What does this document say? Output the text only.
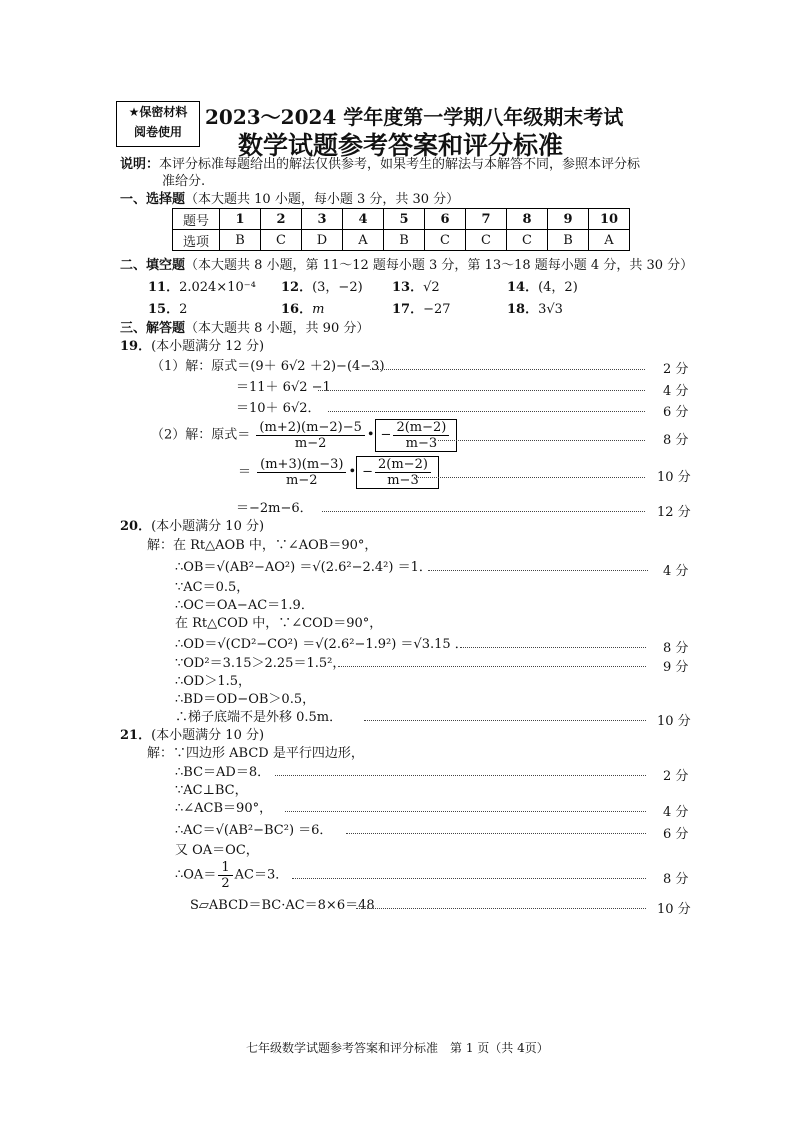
★保密材料
阅卷使用
2023～2024 学年度第一学期八年级期末考试
数学试题参考答案和评分标准
说明：本评分标准每题给出的解法仅供参考，如果考生的解法与本解答不同，参照本评分标
准给分.
一、选择题（本大题共 10 小题，每小题 3 分，共 30 分）
题号	1	2	3	4	5	6	7	8	9	10
选项	B	C	D	A	B	C	C	C	B	A
二、填空题（本大题共 8 小题，第 11～12 题每小题 3 分，第 13～18 题每小题 4 分，共 30 分）
11．2.024×10⁻⁴ 12．(3，−2) 13．√2	14．(4，2)
15．2	16．m	17．−27	18．3√3
三、解答题（本大题共 8 小题，共 90 分）
19．(本小题满分 12 分)
（1）解：原式＝(9＋ 6√2 ＋2)−(4−3)	2 分
＝11＋ 6√2 −1	4 分
＝10＋ 6√2．	6 分
（2）解：原式＝ $\frac{(m+2)(m-2)-5}{m-2}$ • − $\frac{2(m-2)}{m-3}$	8 分
＝ $\frac{(m+3)(m-3)}{m-2}$ • − $\frac{2(m-2)}{m-3}$	10 分
＝−2m−6．	12 分
20．(本小题满分 10 分)
解：在 Rt△AOB 中，∵∠AOB＝90°，
∴OB＝√(AB²−AO²) ＝√(2.6²−2.4²) ＝1．	4 分
∵AC＝0.5，
∴OC＝OA−AC＝1.9．
在 Rt△COD 中，∵∠COD＝90°，
∴OD＝√(CD²−CO²) ＝√(2.6²−1.9²) ＝√3.15 ．	8 分
∵OD²＝3.15＞2.25＝1.5²，	9 分
∴OD＞1.5，
∴BD＝OD−OB＞0.5，
∴梯子底端不是外移 0.5m．	10 分
21．(本小题满分 10 分)
解：∵四边形 ABCD 是平行四边形，
∴BC＝AD＝8．	2 分
∵AC⊥BC，
∴∠ACB＝90°，	4 分
∴AC＝√(AB²−BC²) ＝6．	6 分
又 OA＝OC，
∴OA＝ $\frac{1}{2} AC=3$．	8 分
S▱ABCD＝BC·AC＝8×6＝48	10 分
七年级数学试题参考答案和评分标准　第 1 页（共 4页）
